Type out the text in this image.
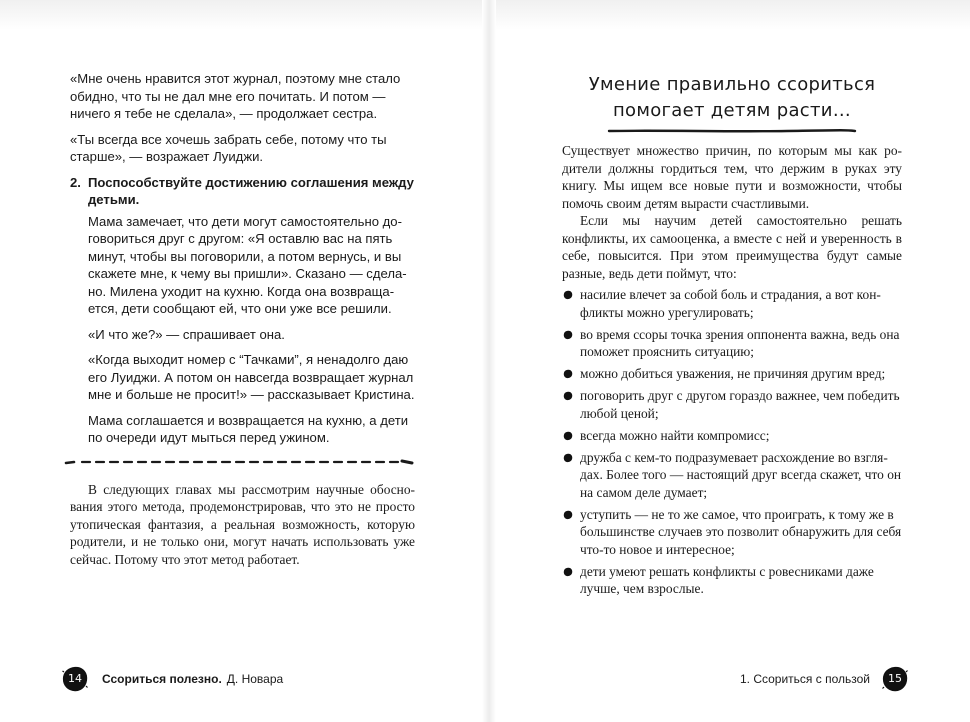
«Мне очень нравится этот журнал, поэтому мне стало обидно, что ты не дал мне его почитать. И потом — ничего я тебе не сделала», — продолжает сестра.

«Ты всегда все хочешь забрать себе, потому что ты старше», — возражает Луиджи.

2. Поспособствуйте достижению соглашения между детьми.

Мама замечает, что дети могут самостоятельно договориться друг с другом: «Я оставлю вас на пять минут, чтобы вы поговорили, а потом вернусь, и вы скажете мне, к чему вы пришли». Сказано — сделано. Милена уходит на кухню. Когда она возвращается, дети сообщают ей, что они уже все решили.

«И что же?» — спрашивает она.

«Когда выходит номер с “Тачками”, я ненадолго даю его Луиджи. А потом он навсегда возвращает журнал мне и больше не просит!» — рассказывает Кристина.

Мама соглашается и возвращается на кухню, а дети по очереди идут мыться перед ужином.

В следующих главах мы рассмотрим научные обоснования этого метода, продемонстрировав, что это не просто утопическая фантазия, а реальная возможность, которую родители, и не только они, могут начать использовать уже сейчас. Потому что этот метод работает.

Умение правильно ссориться
помогает детям расти…

Существует множество причин, по которым мы как родители должны гордиться тем, что держим в руках эту книгу. Мы ищем все новые пути и возможности, чтобы помочь своим детям вырасти счастливыми.

Если мы научим детей самостоятельно решать конфликты, их самооценка, а вместе с ней и уверенность в себе, повысится. При этом преимущества будут самые разные, ведь дети поймут, что:

насилие влечет за собой боль и страдания, а вот конфликты можно урегулировать;
во время ссоры точка зрения оппонента важна, ведь она поможет прояснить ситуацию;
можно добиться уважения, не причиняя другим вред;
поговорить друг с другом гораздо важнее, чем победить любой ценой;
всегда можно найти компромисс;
дружба с кем-то подразумевает расхождение во взглядах. Более того — настоящий друг всегда скажет, что он на самом деле думает;
уступить — не то же самое, что проиграть, к тому же в большинстве случаев это позволит обнаружить для себя что-то новое и интересное;
дети умеют решать конфликты с ровесниками даже лучше, чем взрослые.
14	Ссориться полезно. Д. Новара	1. Ссориться с пользой	15
